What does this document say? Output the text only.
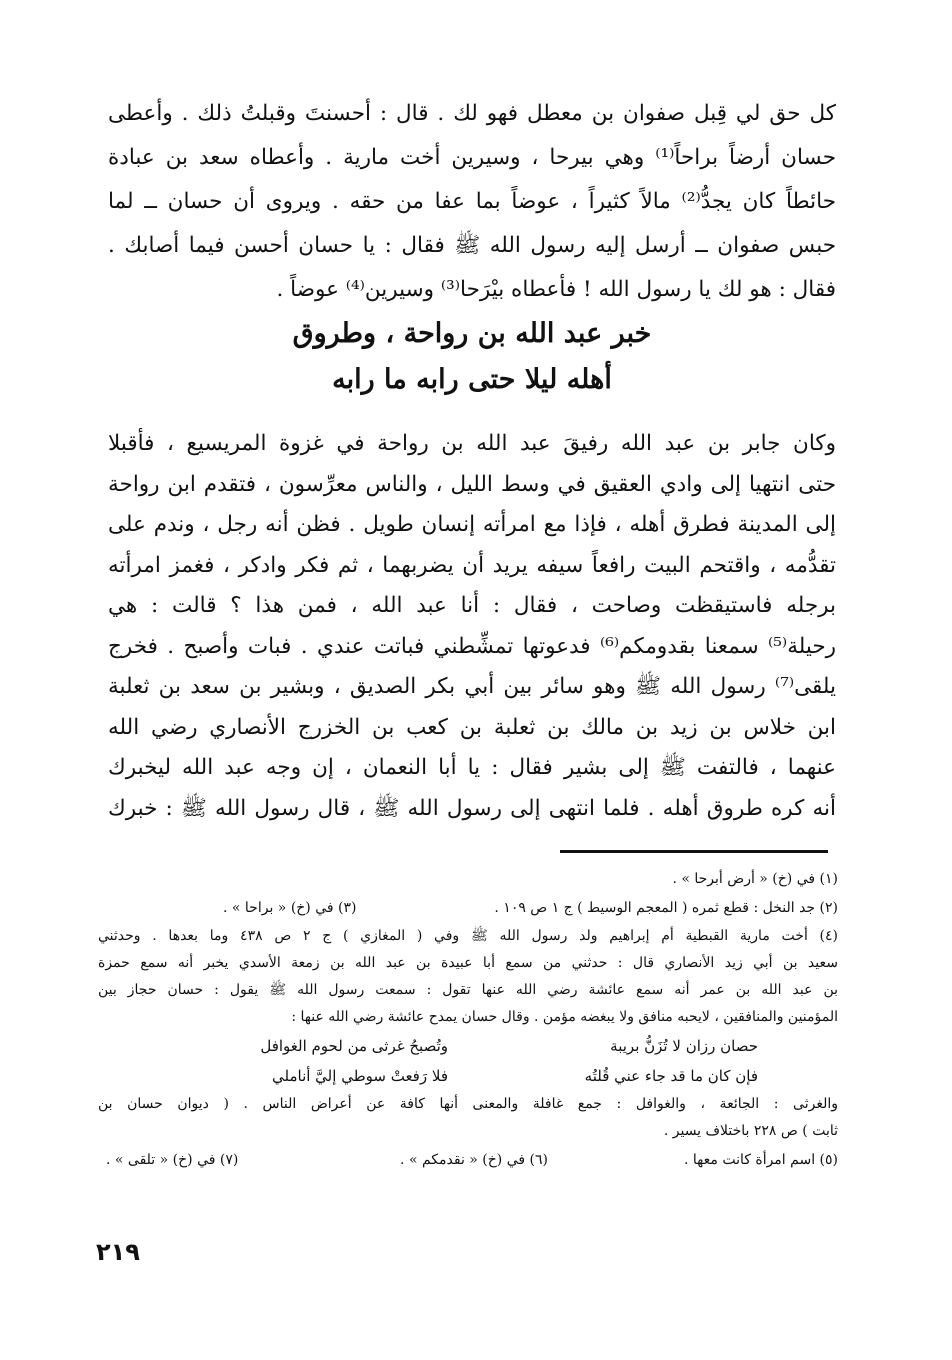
كل حق لي قِبل صفوان بن معطل فهو لك . قال : أحسنتَ وقبلتُ ذلك . وأعطى
حسان أرضاً براحاً⁽¹⁾ وهي بيرحا ، وسيرين أخت مارية . وأعطاه سعد بن عبادة
حائطاً كان يجدُّ⁽²⁾ مالاً كثيراً ، عوضاً بما عفا من حقه . ويروى أن حسان ــ لما
حبس صفوان ــ أرسل إليه رسول الله ﷺ فقال : يا حسان أحسن فيما أصابك .
فقال : هو لك يا رسول الله ! فأعطاه بيْرَحا⁽³⁾ وسيرين⁽⁴⁾ عوضاً .
خبر عبد الله بن رواحة ، وطروق
أهله ليلا حتى رابه ما رابه
وكان جابر بن عبد الله رفيقَ عبد الله بن رواحة في غزوة المريسيع ، فأقبلا
حتى انتهيا إلى وادي العقيق في وسط الليل ، والناس معرِّسون ، فتقدم ابن رواحة
إلى المدينة فطرق أهله ، فإذا مع امرأته إنسان طويل . فظن أنه رجل ، وندم على
تقدُّمه ، واقتحم البيت رافعاً سيفه يريد أن يضربهما ، ثم فكر وادكر ، فغمز امرأته
برجله فاستيقظت وصاحت ، فقال : أنا عبد الله ، فمن هذا ؟ قالت : هي
رحيلة⁽⁵⁾ سمعنا بقدومكم⁽⁶⁾ فدعوتها تمشِّطني فباتت عندي . فبات وأصبح . فخرج
يلقى⁽⁷⁾ رسول الله ﷺ وهو سائر بين أبي بكر الصديق ، وبشير بن سعد بن ثعلبة
ابن خلاس بن زيد بن مالك بن ثعلبة بن كعب بن الخزرج الأنصاري رضي الله
عنهما ، فالتفت ﷺ إلى بشير فقال : يا أبا النعمان ، إن وجه عبد الله ليخبرك
أنه كره طروق أهله . فلما انتهى إلى رسول الله ﷺ ، قال رسول الله ﷺ : خبرك
(١) في (خ) « أرض أبرحا » .
(٢) جد النخل : قطع ثمره ( المعجم الوسيط ) ج ١ ص ١٠٩ .
(٣) في (خ) « براحا » .
(٤) أخت مارية القبطية أم إبراهيم ولد رسول الله ﷺ وفي ( المغازي ) ج ٢ ص ٤٣٨ وما بعدها . وحدثني
سعيد بن أبي زيد الأنصاري قال : حدثني من سمع أبا عبيدة بن عبد الله بن زمعة الأسدي يخبر أنه سمع حمزة
بن عبد الله بن عمر أنه سمع عائشة رضي الله عنها تقول : سمعت رسول الله ﷺ يقول : حسان حجاز بين
المؤمنين والمنافقين ، لايحبه منافق ولا يبغضه مؤمن . وقال حسان يمدح عائشة رضي الله عنها :
حصان رزان لا تُزَنُّ بريبة
وتُصبحُ غرثى من لحوم الغوافل
فإن كان ما قد جاء عني قُلتُه
فلا رَفعتْ سوطي إليَّ أناملي
والغرثى : الجائعة ، والغوافل : جمع غافلة والمعنى أنها كافة عن أعراض الناس . ( ديوان حسان بن
ثابت ) ص ٢٢٨ باختلاف يسير .
(٥) اسم امرأة كانت معها .
(٦) في (خ) « نقدمكم » .
(٧) في (خ) « تلقى » .
٢١٩
